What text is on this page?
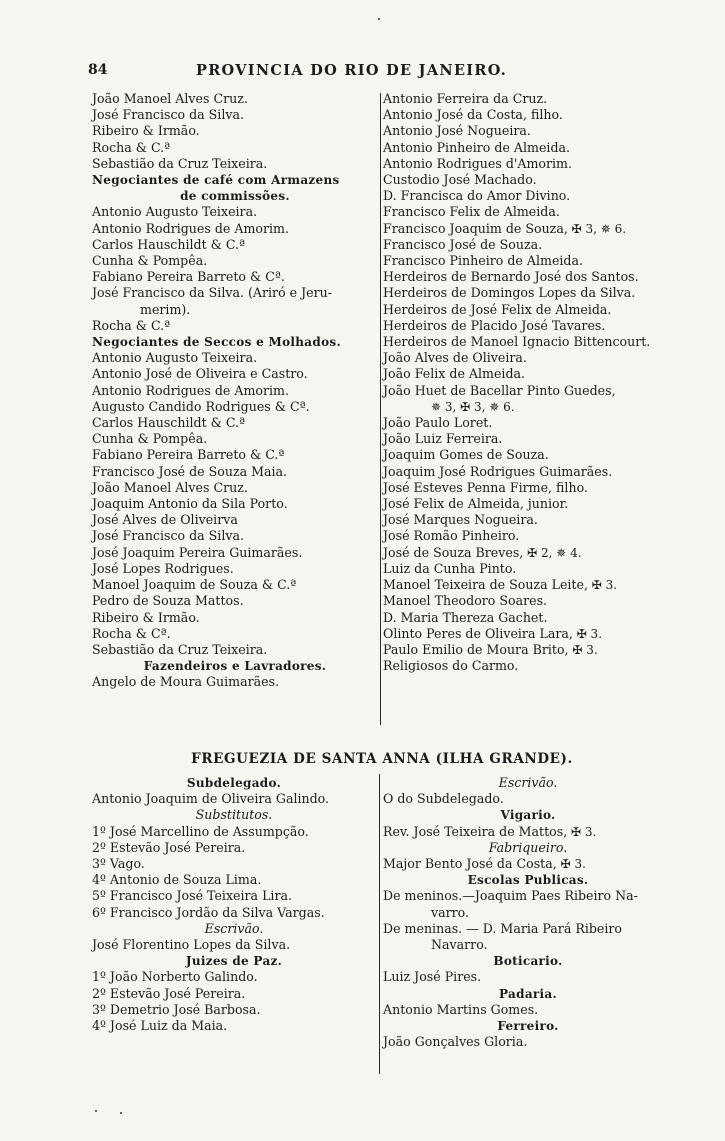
84	PROVINCIA DO RIO DE JANEIRO.
João Manoel Alves Cruz.
José Francisco da Silva.
Ribeiro & Irmão.
Rocha & C.ª
Sebastião da Cruz Teixeira.
Negociantes de café com Armazens
de commissões.
Antonio Augusto Teixeira.
Antonio Rodrigues de Amorim.
Carlos Hauschildt & C.ª
Cunha & Pompêa.
Fabiano Pereira Barreto & Cª.
José Francisco da Silva. (Ariró e Jeru-
merim).
Rocha & C.ª
Negociantes de Seccos e Molhados.
Antonio Augusto Teixeira.
Antonio José de Oliveira e Castro.
Antonio Rodrigues de Amorim.
Augusto Candido Rodrigues & Cª.
Carlos Hauschildt & C.ª
Cunha & Pompêa.
Fabiano Pereira Barreto & C.ª
Francisco José de Souza Maia.
João Manoel Alves Cruz.
Joaquim Antonio da Sila Porto.
José Alves de Oliveirva
José Francisco da Silva.
José Joaquim Pereira Guimarães.
José Lopes Rodrigues.
Manoel Joaquim de Souza & C.ª
Pedro de Souza Mattos.
Ribeiro & Irmão.
Rocha & Cª.
Sebastião da Cruz Teixeira.
Fazendeiros e Lavradores.
Angelo de Moura Guimarães.
Antonio Ferreira da Cruz.
Antonio José da Costa, filho.
Antonio José Nogueira.
Antonio Pinheiro de Almeida.
Antonio Rodrigues d'Amorim.
Custodio José Machado.
D. Francisca do Amor Divino.
Francisco Felix de Almeida.
Francisco Joaquim de Souza, ✠ 3, ✵ 6.
Francisco José de Souza.
Francisco Pinheiro de Almeida.
Herdeiros de Bernardo José dos Santos.
Herdeiros de Domingos Lopes da Silva.
Herdeiros de José Felix de Almeida.
Herdeiros de Placido José Tavares.
Herdeiros de Manoel Ignacio Bittencourt.
João Alves de Oliveira.
João Felix de Almeida.
João Huet de Bacellar Pinto Guedes,
✵ 3, ✠ 3, ✵ 6.
João Paulo Loret.
João Luiz Ferreira.
Joaquim Gomes de Souza.
Joaquim José Rodrigues Guimarães.
José Esteves Penna Firme, filho.
José Felix de Almeida, junior.
José Marques Nogueira.
José Romão Pinheiro.
José de Souza Breves, ✠ 2, ✵ 4.
Luiz da Cunha Pinto.
Manoel Teixeira de Souza Leite, ✠ 3.
Manoel Theodoro Soares.
D. Maria Thereza Gachet.
Olinto Peres de Oliveira Lara, ✠ 3.
Paulo Emilio de Moura Brito, ✠ 3.
Religiosos do Carmo.
FREGUEZIA DE SANTA ANNA (ILHA GRANDE).
Subdelegado.
Antonio Joaquim de Oliveira Galindo.
Substitutos.
1º José Marcellino de Assumpção.
2º Estevão José Pereira.
3º Vago.
4º Antonio de Souza Lima.
5º Francisco José Teixeira Lira.
6º Francisco Jordão da Silva Vargas.
Escrivão.
José Florentino Lopes da Silva.
Juizes de Paz.
1º João Norberto Galindo.
2º Estevão José Pereira.
3º Demetrio José Barbosa.
4º José Luiz da Maia.
Escrivão.
O do Subdelegado.
Vigario.
Rev. José Teixeira de Mattos, ✠ 3.
Fabriqueiro.
Major Bento José da Costa, ✠ 3.
Escolas Publicas.
De meninos.—Joaquim Paes Ribeiro Na-
varro.
De meninas. — D. Maria Pará Ribeiro
Navarro.
Boticario.
Luiz José Pires.
Padaria.
Antonio Martins Gomes.
Ferreiro.
João Gonçalves Gloria.
